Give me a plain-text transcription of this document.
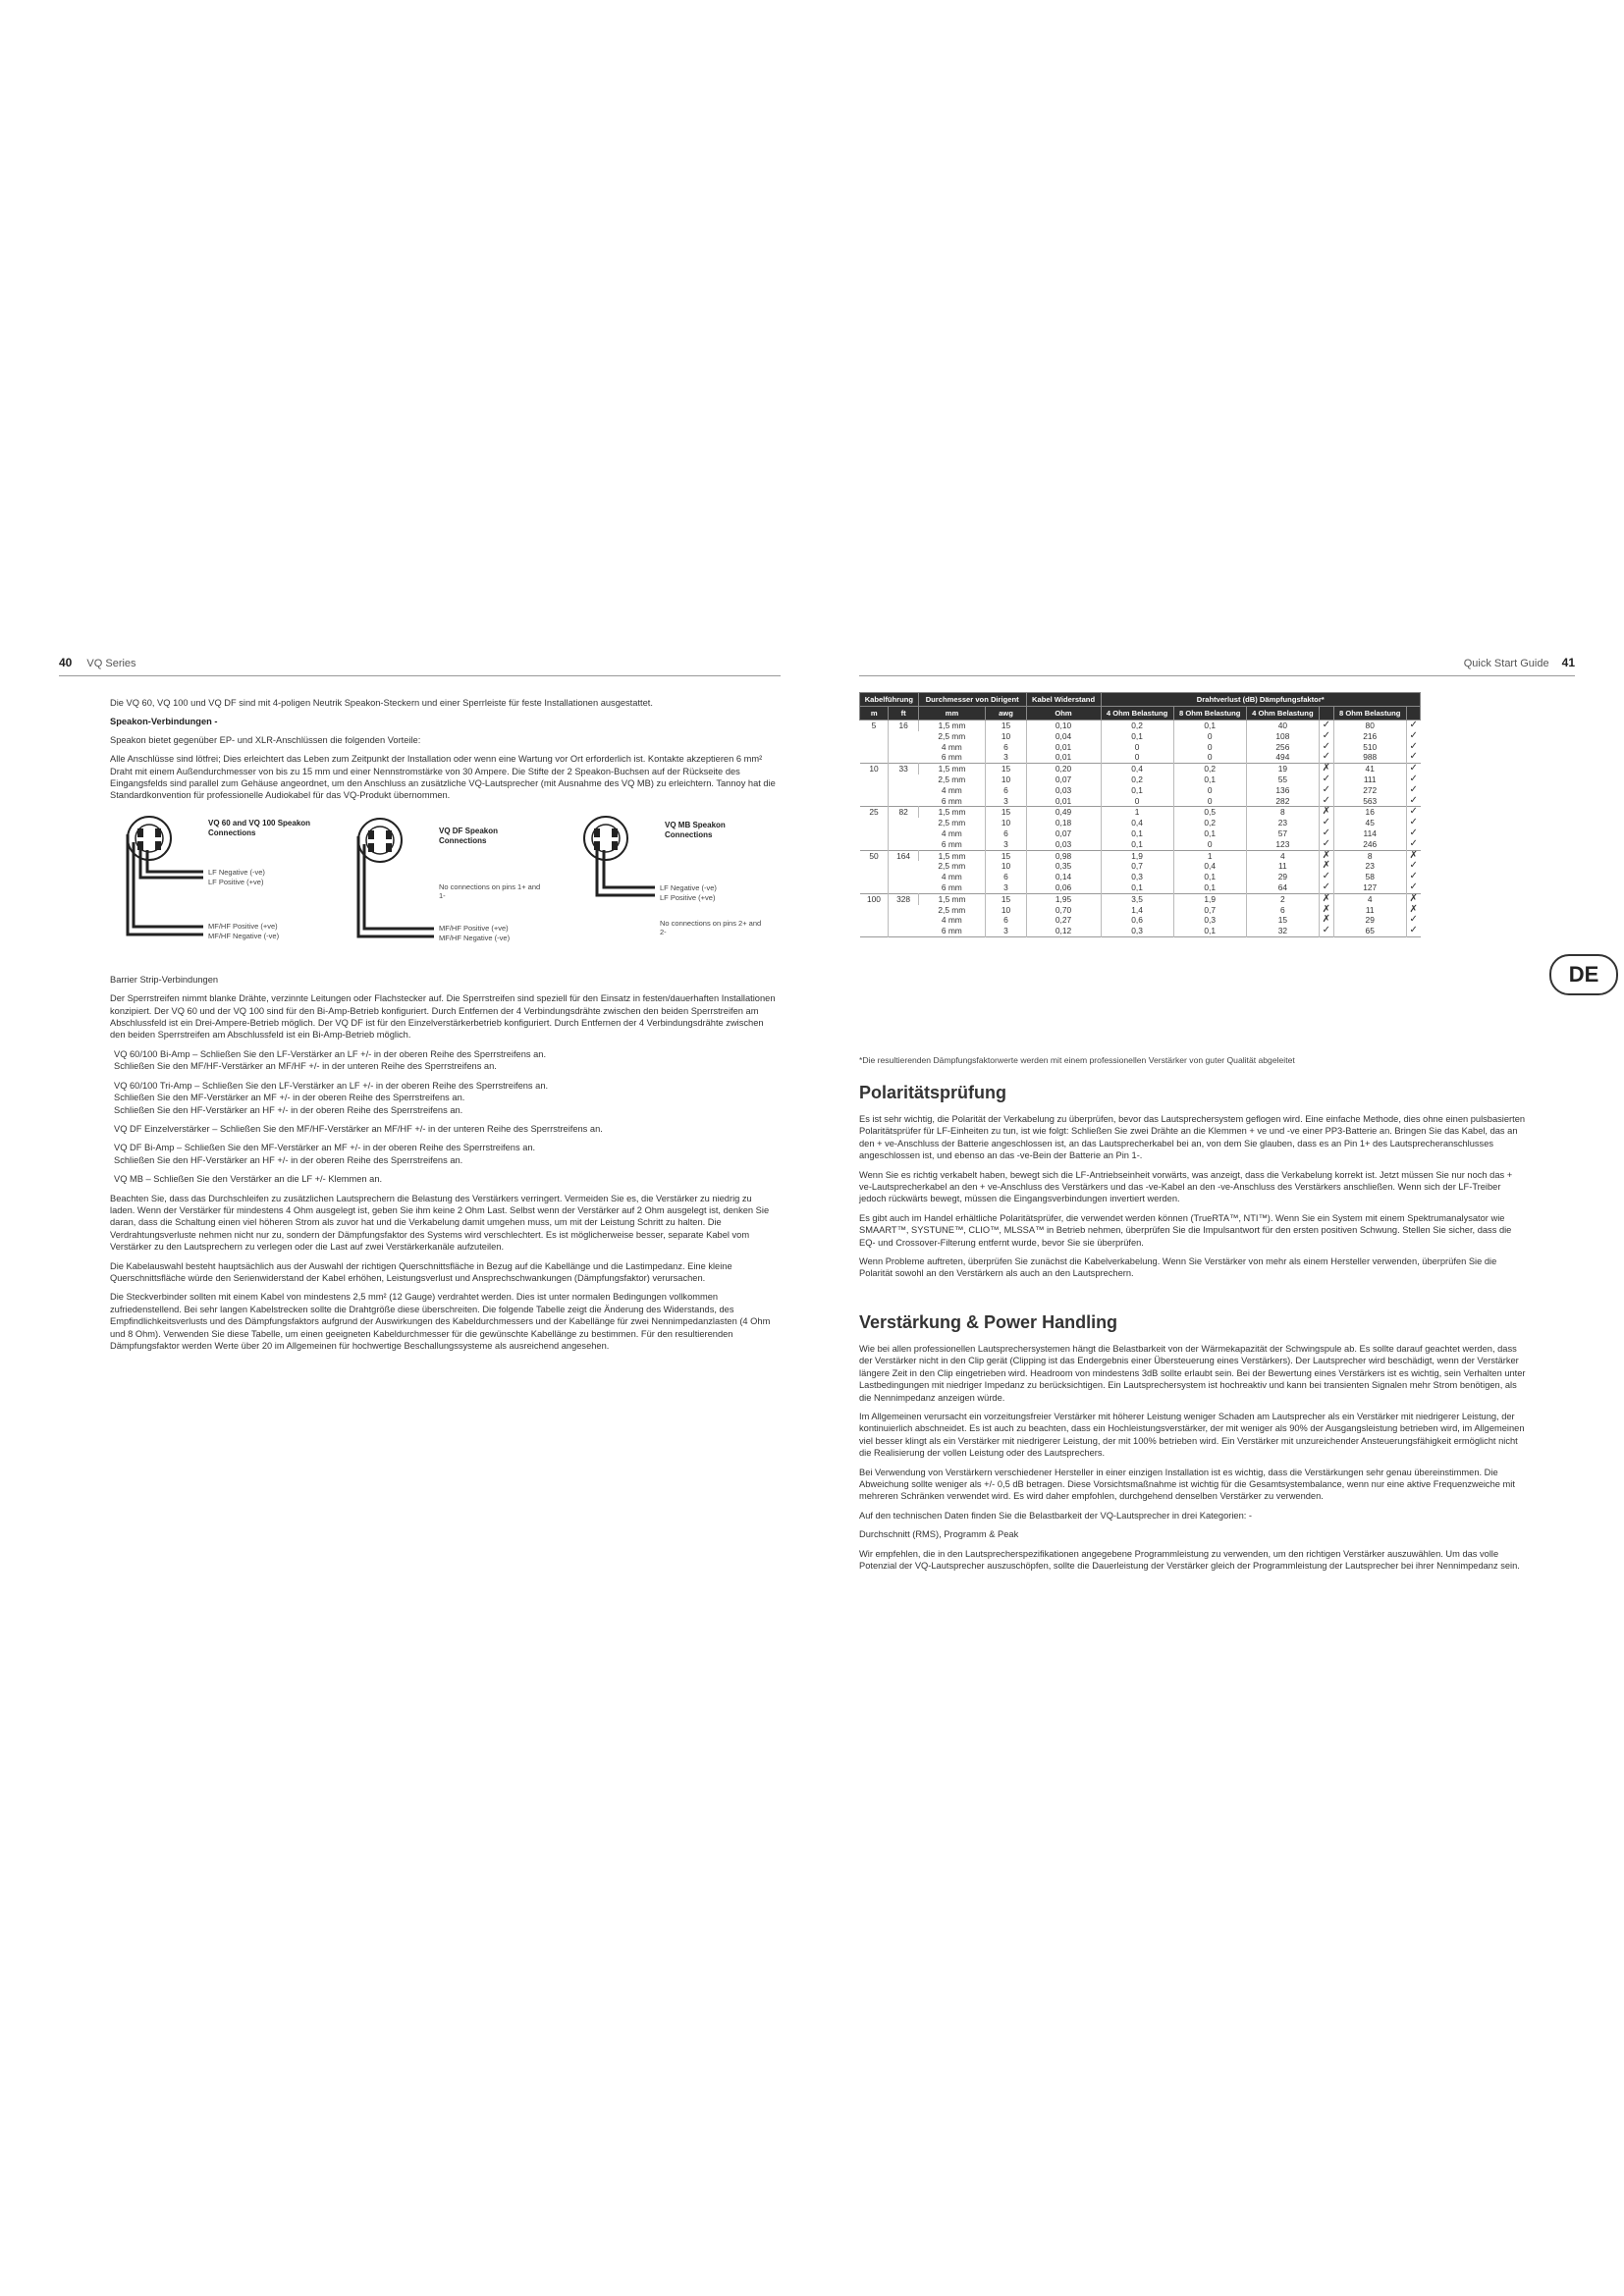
40 VQ Series	Quick Start Guide 41

Die VQ 60, VQ 100 und VQ DF sind mit 4-poligen Neutrik Speakon-Steckern und einer Sperrleiste für feste Installationen ausgestattet.

Speakon-Verbindungen -

Speakon bietet gegenüber EP- und XLR-Anschlüssen die folgenden Vorteile:

Alle Anschlüsse sind lötfrei; Dies erleichtert das Leben zum Zeitpunkt der Installation oder wenn eine Wartung vor Ort erforderlich ist. Kontakte akzeptieren 6 mm² Draht mit einem Außendurchmesser von bis zu 15 mm und einer Nennstromstärke von 30 Ampere. Die Stifte der 2 Speakon-Buchsen auf der Rückseite des Eingangsfelds sind parallel zum Gehäuse angeordnet, um den Anschluss an zusätzliche VQ-Lautsprecher (mit Ausnahme des VQ MB) zu erleichtern. Tannoy hat die Standardkonvention für professionelle Audiokabel für das VQ-Produkt übernommen.

VQ 60 and VQ 100 Speakon Connections
LF Negative (-ve)
LF Positive (+ve)
MF/HF Positive (+ve)
MF/HF Negative (-ve)
VQ DF Speakon Connections
No connections on pins 1+ and 1-
MF/HF Positive (+ve)
MF/HF Negative (-ve)
VQ MB Speakon Connections
LF Negative (-ve)
LF Positive (+ve)
No connections on pins 2+ and 2-

Barrier Strip-Verbindungen

Der Sperrstreifen nimmt blanke Drähte, verzinnte Leitungen oder Flachstecker auf. Die Sperrstreifen sind speziell für den Einsatz in festen/dauerhaften Installationen konzipiert. Der VQ 60 und der VQ 100 sind für den Bi-Amp-Betrieb konfiguriert. Durch Entfernen der 4 Verbindungsdrähte zwischen den beiden Sperrstreifen am Abschlussfeld ist ein Drei-Ampere-Betrieb möglich. Der VQ DF ist für den Einzelverstärkerbetrieb konfiguriert. Durch Entfernen der 4 Verbindungsdrähte zwischen den beiden Sperrstreifen am Abschlussfeld ist ein Bi-Amp-Betrieb möglich.

VQ 60/100 Bi-Amp – Schließen Sie den LF-Verstärker an LF +/- in der oberen Reihe des Sperrstreifens an.

Schließen Sie den MF/HF-Verstärker an MF/HF +/- in der unteren Reihe des Sperrstreifens an.

VQ 60/100 Tri-Amp – Schließen Sie den LF-Verstärker an LF +/- in der oberen Reihe des Sperrstreifens an.

Schließen Sie den MF-Verstärker an MF +/- in der oberen Reihe des Sperrstreifens an.

Schließen Sie den HF-Verstärker an HF +/- in der oberen Reihe des Sperrstreifens an.

VQ DF Einzelverstärker – Schließen Sie den MF/HF-Verstärker an MF/HF +/- in der unteren Reihe des Sperrstreifens an.

VQ DF Bi-Amp – Schließen Sie den MF-Verstärker an MF +/- in der oberen Reihe des Sperrstreifens an.

Schließen Sie den HF-Verstärker an HF +/- in der oberen Reihe des Sperrstreifens an.

VQ MB – Schließen Sie den Verstärker an die LF +/- Klemmen an.

Beachten Sie, dass das Durchschleifen zu zusätzlichen Lautsprechern die Belastung des Verstärkers verringert. Vermeiden Sie es, die Verstärker zu niedrig zu laden. Wenn der Verstärker für mindestens 4 Ohm ausgelegt ist, geben Sie ihm keine 2 Ohm Last. Selbst wenn der Verstärker auf 2 Ohm ausgelegt ist, denken Sie daran, dass die Schaltung einen viel höheren Strom als zuvor hat und die Verkabelung damit umgehen muss, um mit der Leistung Schritt zu halten. Die Verdrahtungsverluste nehmen nicht nur zu, sondern der Dämpfungsfaktor des Systems wird verschlechtert. Es ist möglicherweise besser, separate Kabel vom Verstärker zu den Lautsprechern zu verlegen oder die Last auf zwei Verstärkerkanäle aufzuteilen.

Die Kabelauswahl besteht hauptsächlich aus der Auswahl der richtigen Querschnittsfläche in Bezug auf die Kabellänge und die Lastimpedanz. Eine kleine Querschnittsfläche würde den Serienwiderstand der Kabel erhöhen, Leistungsverlust und Ansprechschwankungen (Dämpfungsfaktor) verursachen.

Die Steckverbinder sollten mit einem Kabel von mindestens 2,5 mm² (12 Gauge) verdrahtet werden. Dies ist unter normalen Bedingungen vollkommen zufriedenstellend. Bei sehr langen Kabelstrecken sollte die Drahtgröße diese überschreiten. Die folgende Tabelle zeigt die Änderung des Widerstands, des Empfindlichkeitsverlusts und des Dämpfungsfaktors aufgrund der Auswirkungen des Kabeldurchmessers und der Kabellänge für zwei Nennimpedanzlasten (4 Ohm und 8 Ohm). Verwenden Sie diese Tabelle, um einen geeigneten Kabeldurchmesser für die gewünschte Kabellänge zu bestimmen. Für den resultierenden Dämpfungsfaktor werden Werte über 20 im Allgemeinen für hochwertige Beschallungssysteme als ausreichend angesehen.

Kabelführung		Durchmesser von Dirigent		Kabel Widerstand	Drahtverlust (dB) Dämpfungsfaktor*					
m	ft	mm	awg	Ohm	4 Ohm Belastung	8 Ohm Belastung	4 Ohm Belastung		8 Ohm Belastung	
5	16	1,5 mm	15	0,10	0,2	0,1	40	✓	80	✓
		2,5 mm	10	0,04	0,1	0	108	✓	216	✓
		4 mm	6	0,01	0	0	256	✓	510	✓
		6 mm	3	0,01	0	0	494	✓	988	✓
10	33	1,5 mm	15	0,20	0,4	0,2	19	✗	41	✓
		2,5 mm	10	0,07	0,2	0,1	55	✓	111	✓
		4 mm	6	0,03	0,1	0	136	✓	272	✓
		6 mm	3	0,01	0	0	282	✓	563	✓
25	82	1,5 mm	15	0,49	1	0,5	8	✗	16	✓
		2,5 mm	10	0,18	0,4	0,2	23	✓	45	✓
		4 mm	6	0,07	0,1	0,1	57	✓	114	✓
		6 mm	3	0,03	0,1	0	123	✓	246	✓
50	164	1,5 mm	15	0,98	1,9	1	4	✗	8	✗
		2,5 mm	10	0,35	0,7	0,4	11	✗	23	✓
		4 mm	6	0,14	0,3	0,1	29	✓	58	✓
		6 mm	3	0,06	0,1	0,1	64	✓	127	✓
100	328	1,5 mm	15	1,95	3,5	1,9	2	✗	4	✗
		2,5 mm	10	0,70	1,4	0,7	6	✗	11	✗
		4 mm	6	0,27	0,6	0,3	15	✗	29	✓
		6 mm	3	0,12	0,3	0,1	32	✓	65	✓
*Die resultierenden Dämpfungsfaktorwerte werden mit einem professionellen Verstärker von guter Qualität abgeleitet
DE
Polaritätsprüfung

Es ist sehr wichtig, die Polarität der Verkabelung zu überprüfen, bevor das Lautsprechersystem geflogen wird. Eine einfache Methode, dies ohne einen pulsbasierten Polaritätsprüfer für LF-Einheiten zu tun, ist wie folgt: Schließen Sie zwei Drähte an die Klemmen + ve und -ve einer PP3-Batterie an. Bringen Sie das Kabel, das an den + ve-Anschluss der Batterie angeschlossen ist, an das Lautsprecherkabel bei an, von dem Sie glauben, dass es an Pin 1+ des Lautsprecheranschlusses angeschlossen ist, und ebenso an das -ve-Bein der Batterie an Pin 1-.

Wenn Sie es richtig verkabelt haben, bewegt sich die LF-Antriebseinheit vorwärts, was anzeigt, dass die Verkabelung korrekt ist. Jetzt müssen Sie nur noch das + ve-Lautsprecherkabel an den + ve-Anschluss des Verstärkers und das -ve-Kabel an den -ve-Anschluss des Verstärkers anschließen. Wenn sich der LF-Treiber jedoch rückwärts bewegt, müssen die Eingangsverbindungen invertiert werden.

Es gibt auch im Handel erhältliche Polaritätsprüfer, die verwendet werden können (TrueRTA™, NTI™). Wenn Sie ein System mit einem Spektrumanalysator wie SMAART™, SYSTUNE™, CLIO™, MLSSA™ in Betrieb nehmen, überprüfen Sie die Impulsantwort für den ersten positiven Schwung. Stellen Sie sicher, dass die EQ- und Crossover-Filterung entfernt wurde, bevor Sie sie überprüfen.

Wenn Probleme auftreten, überprüfen Sie zunächst die Kabelverkabelung. Wenn Sie Verstärker von mehr als einem Hersteller verwenden, überprüfen Sie die Polarität sowohl an den Verstärkern als auch an den Lautsprechern.

Verstärkung & Power Handling

Wie bei allen professionellen Lautsprechersystemen hängt die Belastbarkeit von der Wärmekapazität der Schwingspule ab. Es sollte darauf geachtet werden, dass der Verstärker nicht in den Clip gerät (Clipping ist das Endergebnis einer Übersteuerung eines Verstärkers). Der Lautsprecher wird beschädigt, wenn der Verstärker längere Zeit in den Clip eingetrieben wird. Headroom von mindestens 3dB sollte erlaubt sein. Bei der Bewertung eines Verstärkers ist es wichtig, sein Verhalten unter Lastbedingungen mit niedriger Impedanz zu berücksichtigen. Ein Lautsprechersystem ist hochreaktiv und kann bei transienten Signalen mehr Strom benötigen, als die Nennimpedanz anzeigen würde.

Im Allgemeinen verursacht ein vorzeitungsfreier Verstärker mit höherer Leistung weniger Schaden am Lautsprecher als ein Verstärker mit niedrigerer Leistung, der kontinuierlich abschneidet. Es ist auch zu beachten, dass ein Hochleistungsverstärker, der mit weniger als 90% der Ausgangsleistung betrieben wird, im Allgemeinen viel besser klingt als ein Verstärker mit niedrigerer Leistung, der mit 100% betrieben wird. Ein Verstärker mit unzureichender Ansteuerungsfähigkeit ermöglicht nicht die Realisierung der vollen Leistung oder des Lautsprechers.

Bei Verwendung von Verstärkern verschiedener Hersteller in einer einzigen Installation ist es wichtig, dass die Verstärkungen sehr genau übereinstimmen. Die Abweichung sollte weniger als +/- 0,5 dB betragen. Diese Vorsichtsmaßnahme ist wichtig für die Gesamtsystembalance, wenn nur eine aktive Frequenzweiche mit mehreren Schränken verwendet wird. Es wird daher empfohlen, durchgehend denselben Verstärker zu verwenden.

Auf den technischen Daten finden Sie die Belastbarkeit der VQ-Lautsprecher in drei Kategorien: -

Durchschnitt (RMS), Programm & Peak

Wir empfehlen, die in den Lautsprecherspezifikationen angegebene Programmleistung zu verwenden, um den richtigen Verstärker auszuwählen. Um das volle Potenzial der VQ-Lautsprecher auszuschöpfen, sollte die Dauerleistung der Verstärker gleich der Programmleistung der Lautsprecher bei ihrer Nennimpedanz sein.
